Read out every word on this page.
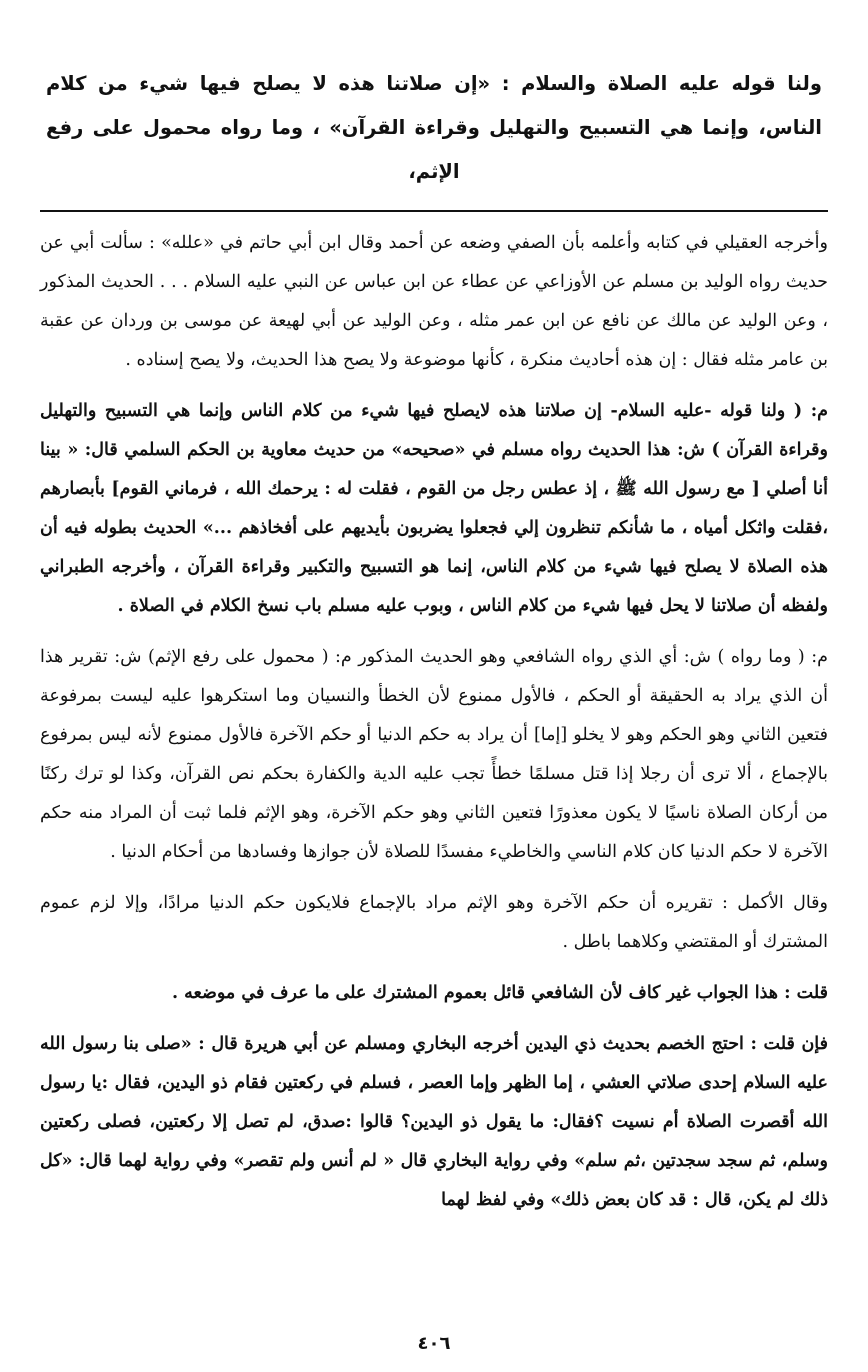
ولنا قوله عليه الصلاة والسلام : «إن صلاتنا هذه لا يصلح فيها شيء من كلام الناس، وإنما هي التسبيح والتهليل وقراءة القرآن» ، وما رواه محمول على رفع الإثم،

وأخرجه العقيلي في كتابه وأعلمه بأن الصفي وضعه عن أحمد وقال ابن أبي حاتم في «علله» : سألت أبي عن حديث رواه الوليد بن مسلم عن الأوزاعي عن عطاء عن ابن عباس عن النبي عليه السلام . . . الحديث المذكور ، وعن الوليد عن مالك عن نافع عن ابن عمر مثله ، وعن الوليد عن أبي لهيعة عن موسى بن وردان عن عقبة بن عامر مثله فقال : إن هذه أحاديث منكرة ، كأنها موضوعة ولا يصح هذا الحديث، ولا يصح إسناده .

م: ( ولنا قوله -عليه السلام- إن صلاتنا هذه لايصلح فيها شيء من كلام الناس وإنما هي التسبيح والتهليل وقراءة القرآن ) ش: هذا الحديث رواه مسلم في «صحيحه» من حديث معاوية بن الحكم السلمي قال: « بينا أنا أصلي [ مع رسول الله ﷺ ، إذ عطس رجل من القوم ، فقلت له : يرحمك الله ، فرماني القوم] بأبصارهم ،فقلت واثكل أمياه ، ما شأنكم تنظرون إلي فجعلوا يضربون بأيديهم على أفخاذهم ...» الحديث بطوله فيه أن هذه الصلاة لا يصلح فيها شيء من كلام الناس، إنما هو التسبيح والتكبير وقراءة القرآن ، وأخرجه الطبراني ولفظه أن صلاتنا لا يحل فيها شيء من كلام الناس ، وبوب عليه مسلم باب نسخ الكلام في الصلاة .

م: ( وما رواه ) ش: أي الذي رواه الشافعي وهو الحديث المذكور م: ( محمول على رفع الإثم) ش: تقرير هذا أن الذي يراد به الحقيقة أو الحكم ، فالأول ممنوع لأن الخطأ والنسيان وما استكرهوا عليه ليست بمرفوعة فتعين الثاني وهو الحكم وهو لا يخلو [إما] أن يراد به حكم الدنيا أو حكم الآخرة فالأول ممنوع لأنه ليس بمرفوع بالإجماع ، ألا ترى أن رجلا إذا قتل مسلمًا خطأً تجب عليه الدية والكفارة بحكم نص القرآن، وكذا لو ترك ركنًا من أركان الصلاة ناسيًا لا يكون معذورًا فتعين الثاني وهو حكم الآخرة، وهو الإثم فلما ثبت أن المراد منه حكم الآخرة لا حكم الدنيا كان كلام الناسي والخاطيء مفسدًا للصلاة لأن جوازها وفسادها من أحكام الدنيا .

وقال الأكمل : تقريره أن حكم الآخرة وهو الإثم مراد بالإجماع فلايكون حكم الدنيا مرادًا، وإلا لزم عموم المشترك أو المقتضي وكلاهما باطل .

قلت : هذا الجواب غير كاف لأن الشافعي قائل بعموم المشترك على ما عرف في موضعه .

فإن قلت : احتج الخصم بحديث ذي اليدين أخرجه البخاري ومسلم عن أبي هريرة قال : «صلى بنا رسول الله عليه السلام إحدى صلاتي العشي ، إما الظهر وإما العصر ، فسلم في ركعتين فقام ذو اليدين، فقال :يا رسول الله أقصرت الصلاة أم نسيت ؟فقال: ما يقول ذو اليدين؟ قالوا :صدق، لم تصل إلا ركعتين، فصلى ركعتين وسلم، ثم سجد سجدتين ،ثم سلم» وفي رواية البخاري قال « لم أنس ولم تقصر» وفي رواية لهما قال: «كل ذلك لم يكن، قال : قد كان بعض ذلك» وفي لفظ لهما

٤٠٦
